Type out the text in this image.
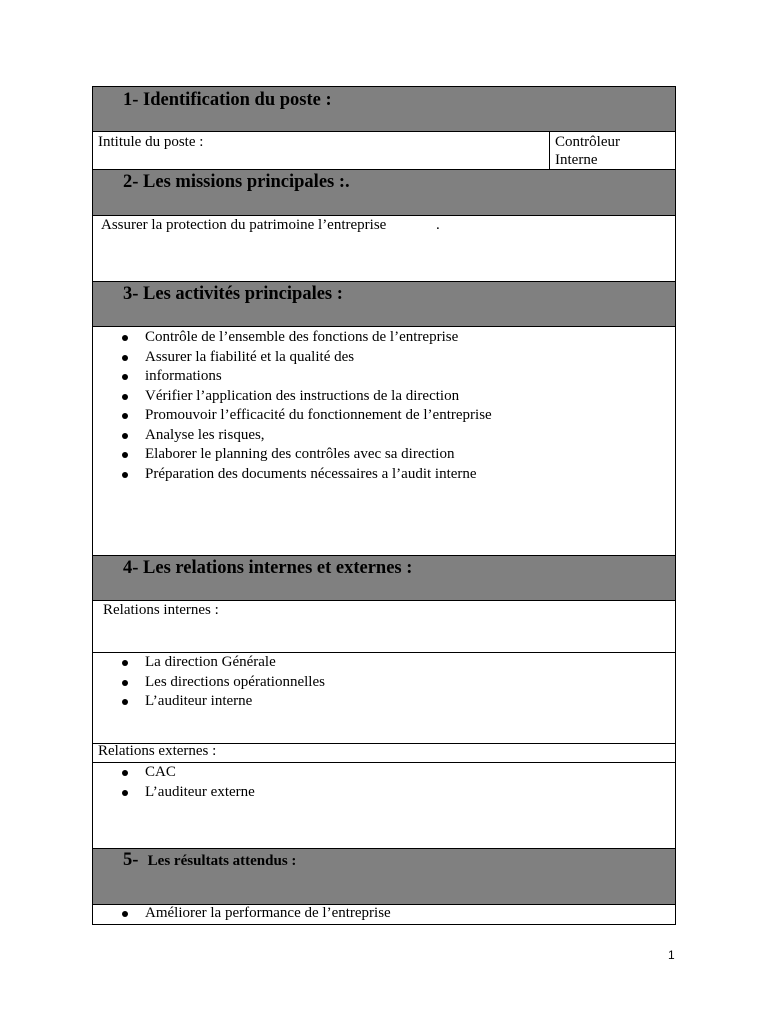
1- Identification du poste :
Intitule du poste :	Contrôleur
Interne
2- Les missions principales :.
Assurer la protection du patrimoine l’entreprise	.
3- Les activités principales :
Contrôle de l’ensemble des fonctions de l’entreprise
Assurer la fiabilité et la qualité des
informations
Vérifier l’application des instructions de la direction
Promouvoir l’efficacité du fonctionnement de l’entreprise
Analyse les risques,
Elaborer le planning des contrôles avec sa direction
Préparation des documents nécessaires a l’audit interne
4- Les relations internes et externes :
Relations internes :
La direction Générale
Les directions opérationnelles
L’auditeur interne
Relations externes :
CAC
L’auditeur externe
5- Les résultats attendus :
Améliorer la performance de l’entreprise
1
